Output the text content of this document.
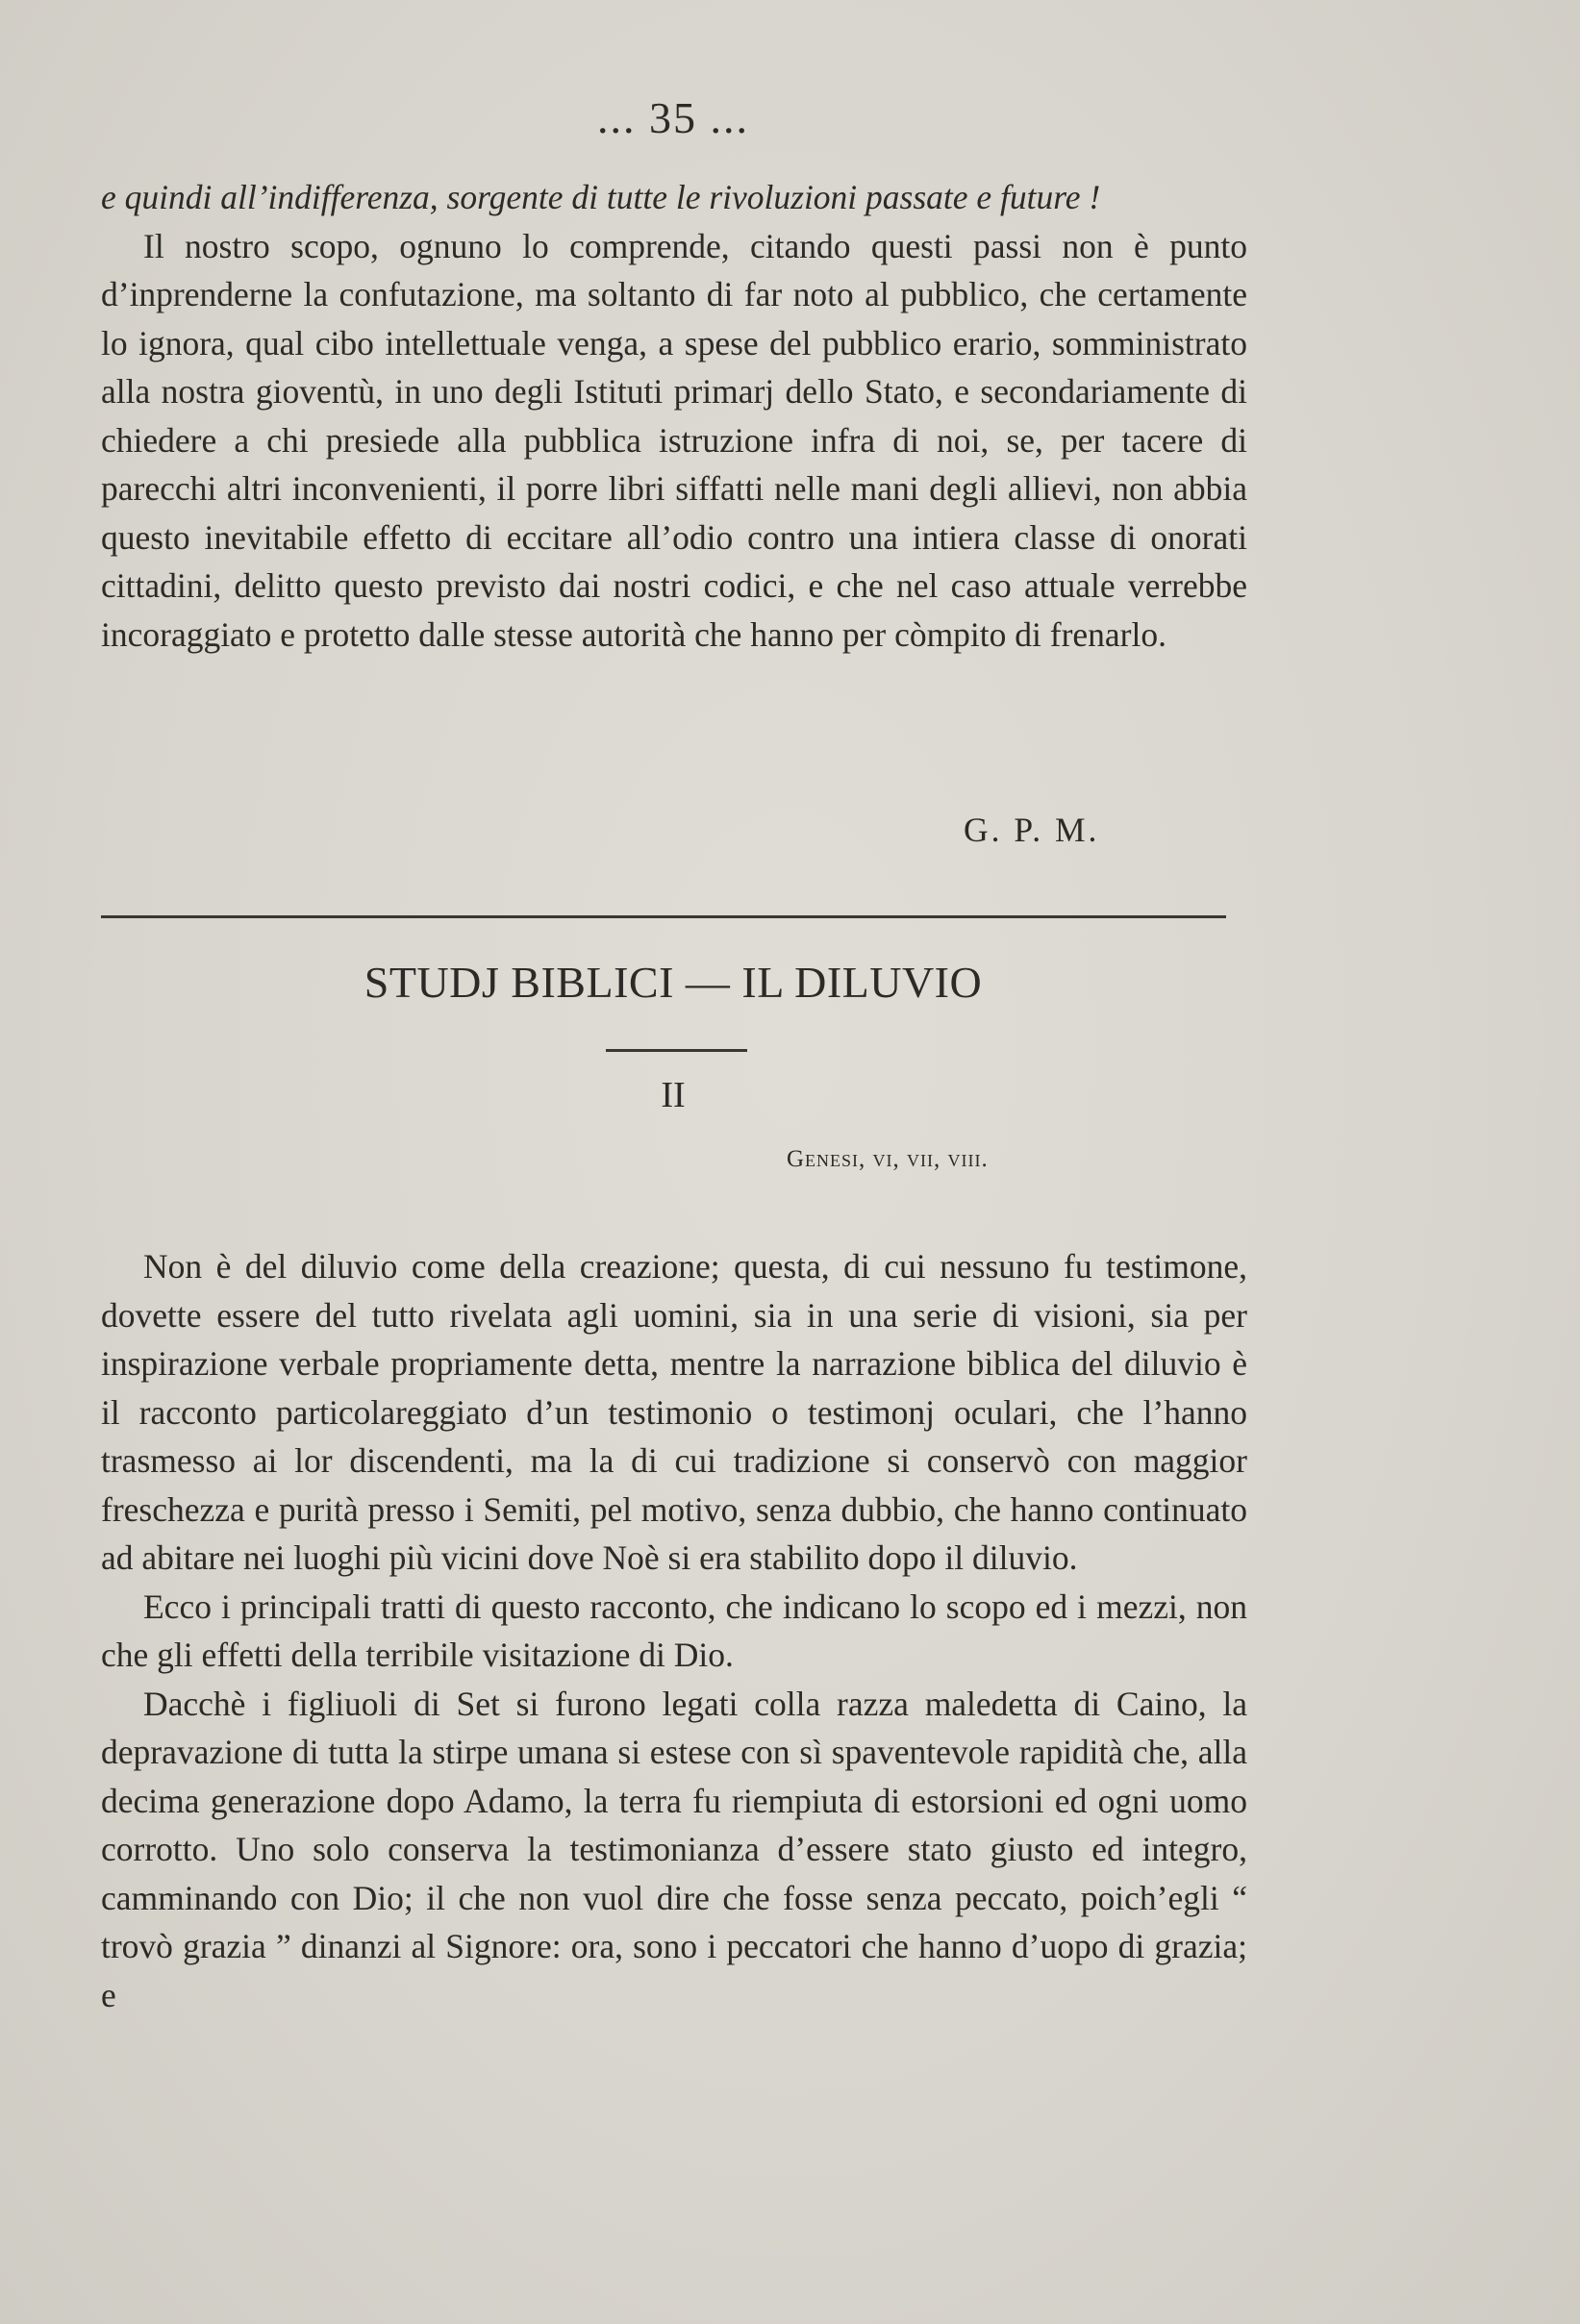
... 35 ...

e quindi all’indifferenza, sorgente di tutte le rivoluzioni passate e future !

Il nostro scopo, ognuno lo comprende, citando questi passi non è punto d’inprenderne la confutazione, ma soltanto di far noto al pubblico, che certamente lo ignora, qual cibo intellettuale venga, a spese del pubblico erario, somministrato alla nostra gioventù, in uno degli Istituti primarj dello Stato, e secondariamente di chiedere a chi presiede alla pubblica istruzione infra di noi, se, per tacere di parecchi altri inconvenienti, il porre libri siffatti nelle mani degli allievi, non abbia questo inevitabile effetto di eccitare all’odio contro una intiera classe di onorati cittadini, delitto questo previsto dai nostri codici, e che nel caso attuale verrebbe incoraggiato e protetto dalle stesse autorità che hanno per còmpito di frenarlo.

G. P. M.
STUDJ BIBLICI — IL DILUVIO
II
Genesi, vi, vii, viii.

Non è del diluvio come della creazione; questa, di cui nessuno fu testimone, dovette essere del tutto rivelata agli uomini, sia in una serie di visioni, sia per inspirazione verbale propriamente detta, mentre la narrazione biblica del diluvio è il racconto particolareggiato d’un testimonio o testimonj oculari, che l’hanno trasmesso ai lor discendenti, ma la di cui tradizione si conservò con maggior freschezza e purità presso i Semiti, pel motivo, senza dubbio, che hanno continuato ad abitare nei luoghi più vicini dove Noè si era stabilito dopo il diluvio.

Ecco i principali tratti di questo racconto, che indicano lo scopo ed i mezzi, non che gli effetti della terribile visitazione di Dio.

Dacchè i figliuoli di Set si furono legati colla razza maledetta di Caino, la depravazione di tutta la stirpe umana si estese con sì spaventevole rapidità che, alla decima generazione dopo Adamo, la terra fu riempiuta di estorsioni ed ogni uomo corrotto. Uno solo conserva la testimonianza d’essere stato giusto ed integro, camminando con Dio; il che non vuol dire che fosse senza peccato, poich’egli “ trovò grazia ” dinanzi al Signore: ora, sono i peccatori che hanno d’uopo di grazia; e
